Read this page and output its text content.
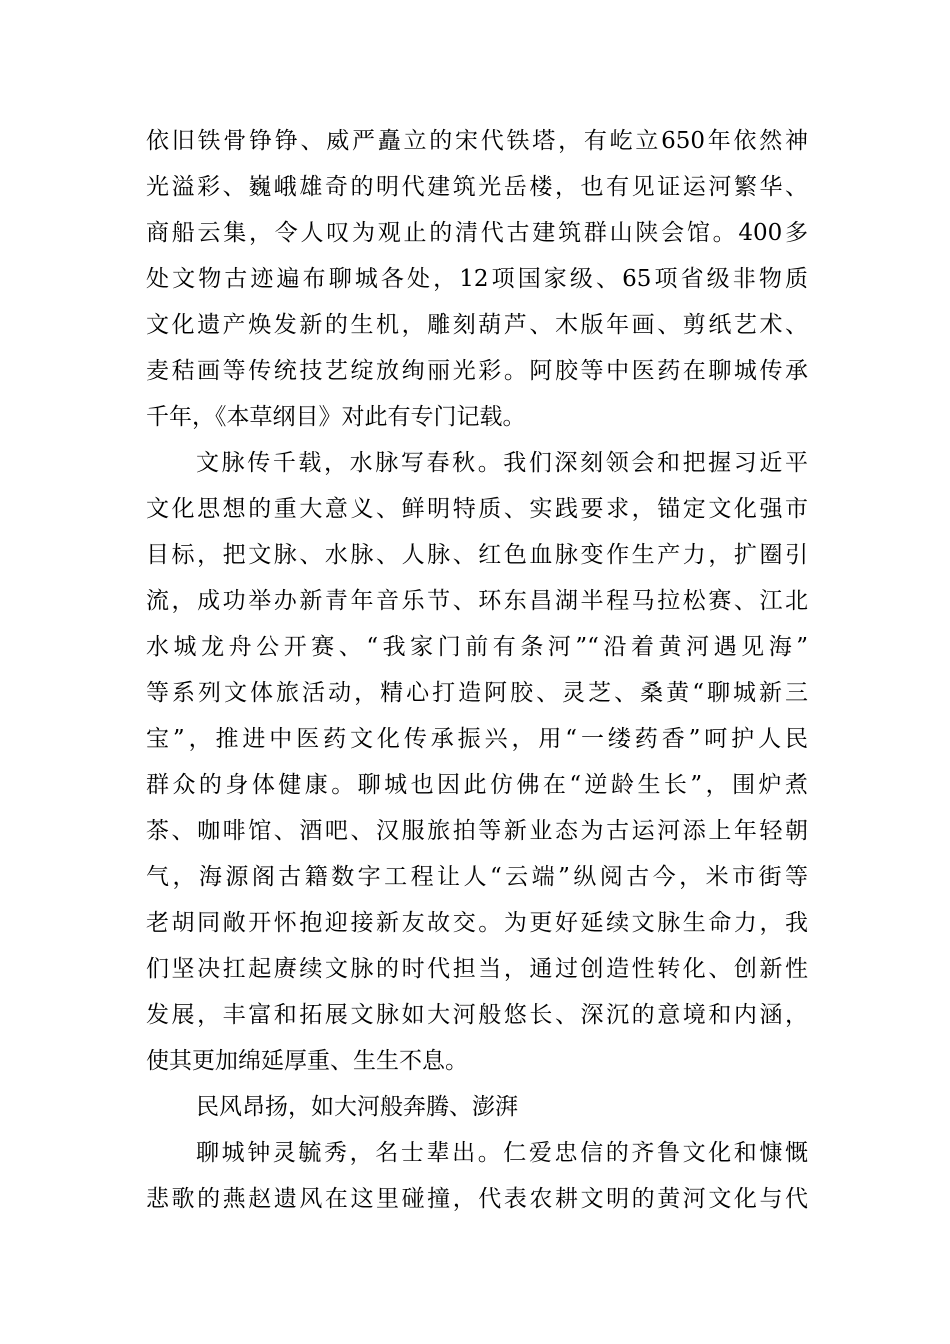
依旧铁骨铮铮、威严矗立的宋代铁塔，有屹立650年依然神
光溢彩、巍峨雄奇的明代建筑光岳楼，也有见证运河繁华、
商船云集，令人叹为观止的清代古建筑群山陕会馆。400多
处文物古迹遍布聊城各处，12项国家级、65项省级非物质
文化遗产焕发新的生机，雕刻葫芦、木版年画、剪纸艺术、
麦秸画等传统技艺绽放绚丽光彩。阿胶等中医药在聊城传承
千年，《本草纲目》对此有专门记载。
文脉传千载，水脉写春秋。我们深刻领会和把握习近平
文化思想的重大意义、鲜明特质、实践要求，锚定文化强市
目标，把文脉、水脉、人脉、红色血脉变作生产力，扩圈引
流，成功举办新青年音乐节、环东昌湖半程马拉松赛、江北
水城龙舟公开赛、“我家门前有条河”“沿着黄河遇见海”
等系列文体旅活动，精心打造阿胶、灵芝、桑黄“聊城新三
宝”，推进中医药文化传承振兴，用“一缕药香”呵护人民
群众的身体健康。聊城也因此仿佛在“逆龄生长”，围炉煮
茶、咖啡馆、酒吧、汉服旅拍等新业态为古运河添上年轻朝
气，海源阁古籍数字工程让人“云端”纵阅古今，米市街等
老胡同敞开怀抱迎接新友故交。为更好延续文脉生命力，我
们坚决扛起赓续文脉的时代担当，通过创造性转化、创新性
发展，丰富和拓展文脉如大河般悠长、深沉的意境和内涵，
使其更加绵延厚重、生生不息。
民风昂扬，如大河般奔腾、澎湃
聊城钟灵毓秀，名士辈出。仁爱忠信的齐鲁文化和慷慨
悲歌的燕赵遗风在这里碰撞，代表农耕文明的黄河文化与代
